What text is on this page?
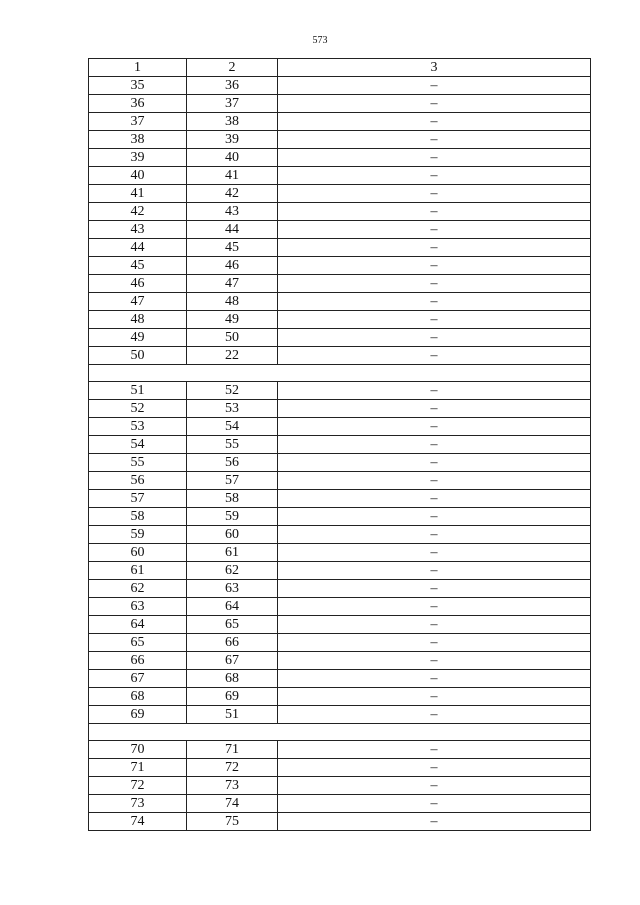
573
1	2	3
35	36	–
36	37	–
37	38	–
38	39	–
39	40	–
40	41	–
41	42	–
42	43	–
43	44	–
44	45	–
45	46	–
46	47	–
47	48	–
48	49	–
49	50	–
50	22	–

51	52	–
52	53	–
53	54	–
54	55	–
55	56	–
56	57	–
57	58	–
58	59	–
59	60	–
60	61	–
61	62	–
62	63	–
63	64	–
64	65	–
65	66	–
66	67	–
67	68	–
68	69	–
69	51	–

70	71	–
71	72	–
72	73	–
73	74	–
74	75	–
